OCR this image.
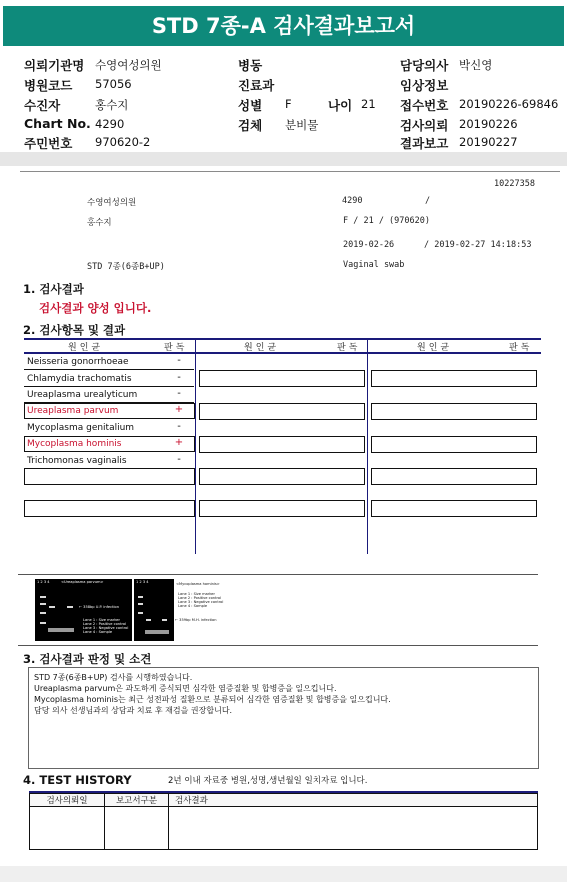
STD 7종-A 검사결과보고서
의뢰기관명 수영여성의원
병원코드 57056
수진자	홍수지
Chart No. 4290
주민번호 970620-2
병동
진료과
성별 F	나이 21
검체 분비물
담당의사 박신영
임상정보
접수번호 20190226-69846
검사의뢰 20190226
결과보고 20190227
10227358
수영여성의원	4290	/
홍수지	F / 21 / (970620)
2019-02-26	/ 2019-02-27 14:18:53
STD 7종(6종B+UP)	Vaginal swab
1. 검사결과
검사결과 양성 입니다.
2. 검사항목 및 결과
원인균	판독	원인균	판독	원인균	판독
Neisseria gonorrhoeae	-
Chlamydia trachomatis	-
Ureaplasma urealyticum	-
Ureaplasma parvum	+
Mycoplasma genitalium	-
Mycoplasma hominis	+
Trichomonas vaginalis	-
1 2 3 4	<Ureaplasma parvum>
← 358bp U.P. infection
Lane 1 : Size marker
Lane 2 : Positive control
Lane 3 : Negative control
Lane 4 : Sample
1 2 3 4	<Mycoplasma hominis>
Lane 1 : Size marker
Lane 2 : Positive control
Lane 3 : Negative control
Lane 4 : Sample
← 359bp M.H. infection
3. 검사결과 판정 및 소견
STD 7종(6종B+UP) 검사를 시행하였습니다.
Ureaplasma parvum은 과도하게 증식되면 심각한 염증질환 및 합병증을 일으킵니다.
Mycoplasma hominis는 최근 성전파성 질환으로 분류되어 심각한 염증질환 및 합병증을 일으킵니다.
담당 의사 선생님과의 상담과 치료 후 재검을 권장합니다.
4. TEST HISTORY	2년 이내 자료중 병원,성명,생년월일 일치자료 입니다.
검사의뢰일	보고서구분	검사결과
